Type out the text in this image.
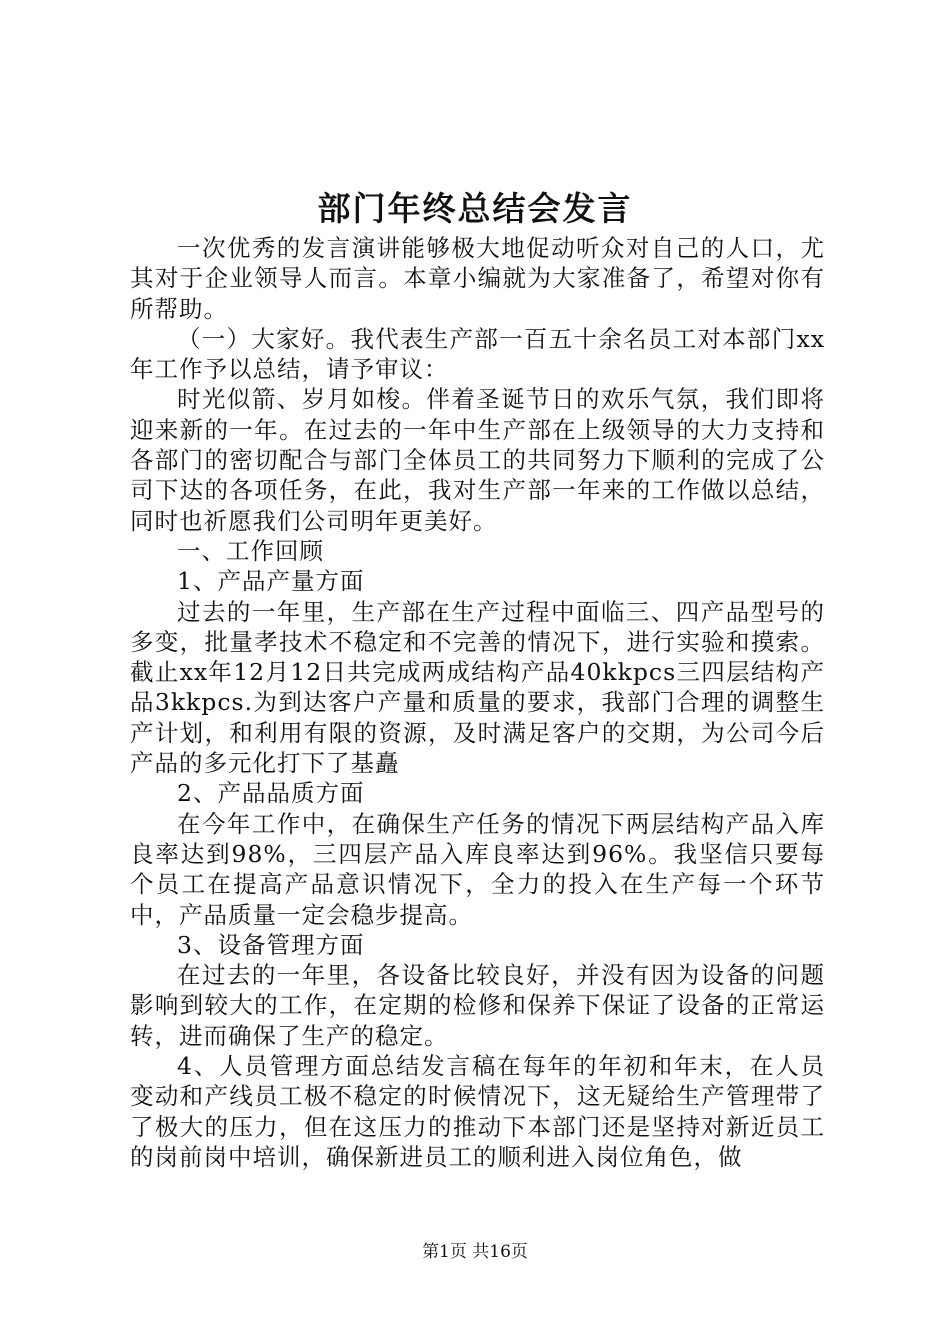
部门年终总结会发言

一次优秀的发言演讲能够极大地促动听众对自己的人口，尤其对于企业领导人而言。本章小编就为大家准备了，希望对你有所帮助。

（一）大家好。我代表生产部一百五十余名员工对本部门xx年工作予以总结，请予审议：

时光似箭、岁月如梭。伴着圣诞节日的欢乐气氛，我们即将迎来新的一年。在过去的一年中生产部在上级领导的大力支持和各部门的密切配合与部门全体员工的共同努力下顺利的完成了公司下达的各项任务，在此，我对生产部一年来的工作做以总结，同时也祈愿我们公司明年更美好。

一、工作回顾

1、产品产量方面

过去的一年里，生产部在生产过程中面临三、四产品型号的多变，批量孝技术不稳定和不完善的情况下，进行实验和摸索。截止xx年12月12日共完成两成结构产品40kkpcs三四层结构产品3kkpcs.为到达客户产量和质量的要求，我部门合理的调整生产计划，和利用有限的资源，及时满足客户的交期，为公司今后产品的多元化打下了基矗

2、产品品质方面

在今年工作中，在确保生产任务的情况下两层结构产品入库良率达到98%，三四层产品入库良率达到96%。我坚信只要每个员工在提高产品意识情况下，全力的投入在生产每一个环节中，产品质量一定会稳步提高。

3、设备管理方面

在过去的一年里，各设备比较良好，并没有因为设备的问题影响到较大的工作，在定期的检修和保养下保证了设备的正常运转，进而确保了生产的稳定。

4、人员管理方面总结发言稿在每年的年初和年末，在人员变动和产线员工极不稳定的时候情况下，这无疑给生产管理带了了极大的压力，但在这压力的推动下本部门还是坚持对新近员工的岗前岗中培训，确保新进员工的顺利进入岗位角色，做

第1页 共16页
